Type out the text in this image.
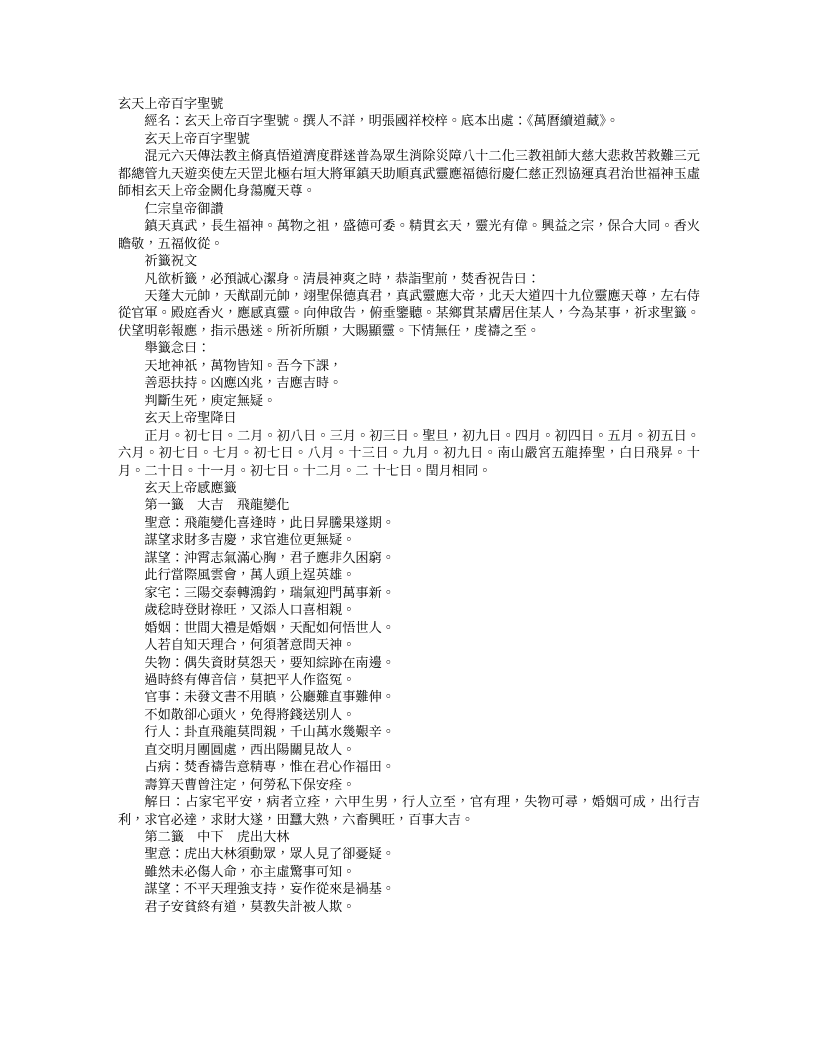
玄天上帝百字聖號

經名：玄天上帝百字聖號。撰人不詳，明張國祥校梓。底本出處：《萬曆續道藏》。

玄天上帝百字聖號

混元六天傳法教主脩真悟道濟度群迷普為眾生消除災障八十二化三教祖師大慈大悲救苦救難三元都總管九天遊奕使左天罡北極右垣大將軍鎮天助順真武靈應福德衍慶仁慈正烈協運真君治世福神玉虛師相玄天上帝金闕化身蕩魔天尊。

仁宗皇帝御讚

鎮天真武，長生福神。萬物之祖，盛德可委。精貫玄天，靈光有偉。興益之宗，保合大同。香火瞻敬，五福攸從。

祈籤祝文

凡欲析籤，必預誠心潔身。清晨神爽之時，恭詣聖前，焚香祝告曰：

天蓬大元帥，天猷副元帥，翊聖保德真君，真武靈應大帝，北天大道四十九位靈應天尊，左右侍從官軍。殿庭香火，應感真靈。向伸啟告，俯垂鑒聽。某鄉貫某膚居住某人，今為某事，祈求聖籤。伏望明彰報應，指示愚迷。所祈所願，大賜顯靈。下情無任，虔禱之至。

舉籤念曰：

天地神祇，萬物皆知。吾今下課，

善惡扶持。凶應凶兆，吉應吉時。

判斷生死，庾定無疑。

玄天上帝聖降日

正月。初七日。二月。初八日。三月。初三日。聖旦，初九日。四月。初四日。五月。初五日。六月。初七日。七月。初七日。八月。十三日。九月。初九日。南山嚴宮五龍捧聖，白日飛昇。十月。二十日。十一月。初七日。十二月。二 十七日。閏月相同。

玄天上帝感應籤

第一籤　大吉　飛龍變化

聖意：飛龍變化喜逢時，此日昇騰果遂期。

謀望求財多吉慶，求官進位更無疑。

謀望：沖霄志氣滿心胸，君子應非久困窮。

此行當際風雲會，萬人頭上逞英雄。

家宅：三陽交泰轉鴻鈞，瑞氣迎門萬事新。

歲稔時登財祿旺，又添人口喜相親。

婚姻：世間大禮是婚姻，天配如何悟世人。

人若自知天理合，何須著意問天神。

失物：偶失資財莫怨天，要知綜跡在南邊。

過時終有傳音信，莫把平人作盜冤。

官事：未發文書不用瞋，公廳難直事難伸。

不如散卻心頭火，免得將錢送別人。

行人：卦直飛龍莫問親，千山萬水幾艱辛。

直交明月團圓處，西出陽關見故人。

占病：焚香禱告意精專，惟在君心作福田。

壽算天曹曾注定，何勞私下保安痊。

解曰：占家宅平安，病者立痊，六甲生男，行人立至，官有理，失物可尋，婚姻可成，出行吉利，求官必達，求財大遂，田蠶大熟，六畜興旺，百事大吉。

第二籤　中下　虎出大林

聖意：虎出大林須動眾，眾人見了卻憂疑。

雖然未必傷人命，亦主虛驚事可知。

謀望：不平天理強支持，妄作從來是禍基。

君子安貧終有道，莫教失計被人欺。
